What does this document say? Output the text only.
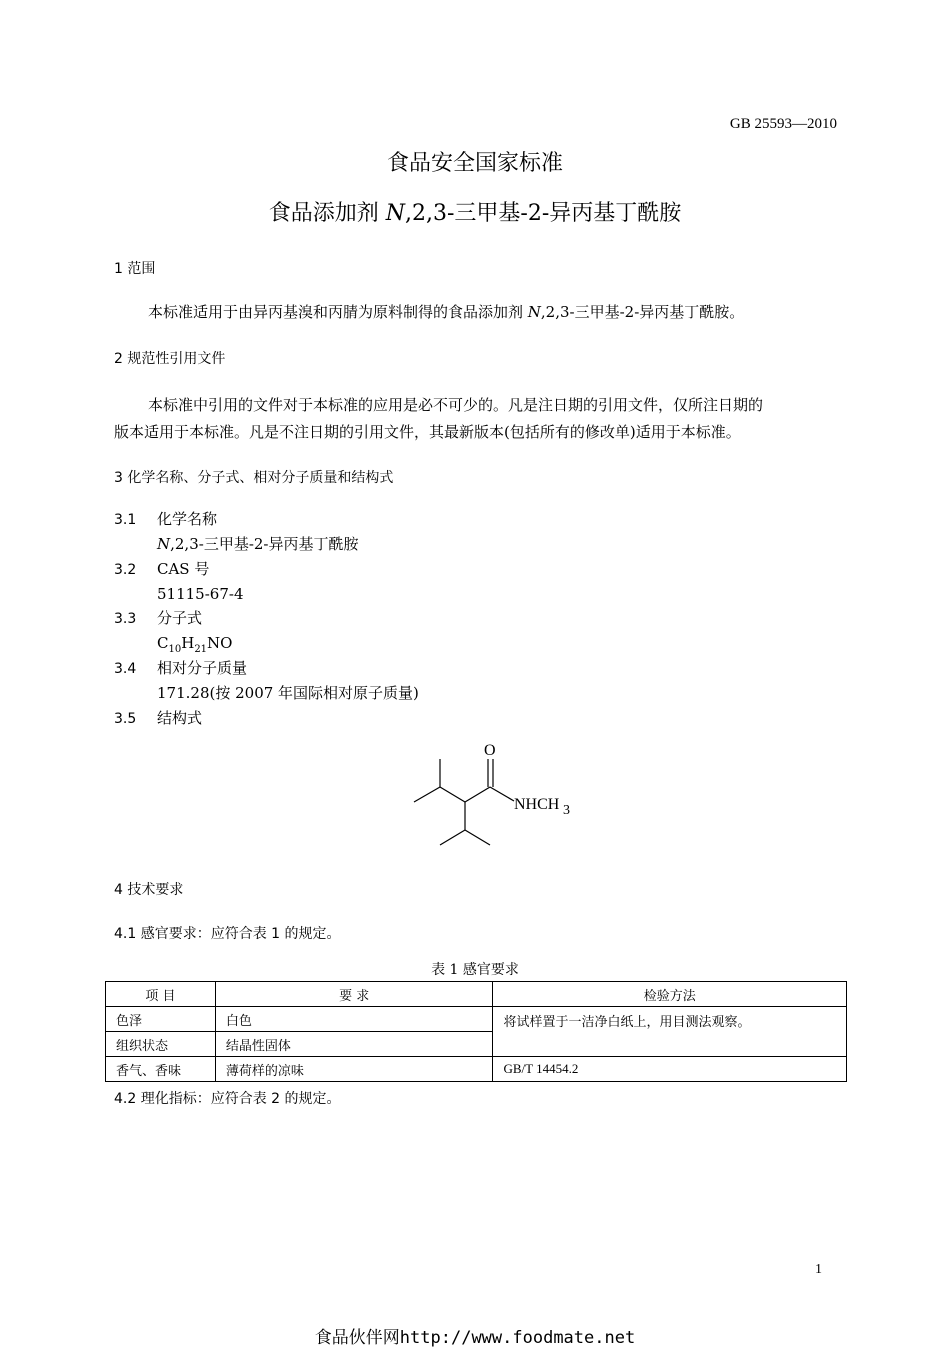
GB 25593—2010
食品安全国家标准
食品添加剂 N,2,3-三甲基-2-异丙基丁酰胺
1 范围
本标准适用于由异丙基溴和丙腈为原料制得的食品添加剂 N,2,3-三甲基-2-异丙基丁酰胺。
2 规范性引用文件
本标准中引用的文件对于本标准的应用是必不可少的。凡是注日期的引用文件，仅所注日期的
版本适用于本标准。凡是不注日期的引用文件，其最新版本(包括所有的修改单)适用于本标准。
3 化学名称、分子式、相对分子质量和结构式
3.1 化学名称
N,2,3-三甲基-2-异丙基丁酰胺
3.2 CAS 号
51115-67-4
3.3 分子式
$C_{10}H_{21}NO$
3.4 相对分子质量
171.28(按 2007 年国际相对原子质量)
3.5 结构式
O
NHCH 3
4 技术要求
4.1 感官要求：应符合表 1 的规定。
表 1 感官要求
项 目	要 求	检验方法
色泽	白色	将试样置于一洁净白纸上，用目测法观察。
组织状态	结晶性固体	
香气、香味	薄荷样的凉味	GB/T 14454.2
4.2 理化指标：应符合表 2 的规定。
1
食品伙伴网http://www.foodmate.net
